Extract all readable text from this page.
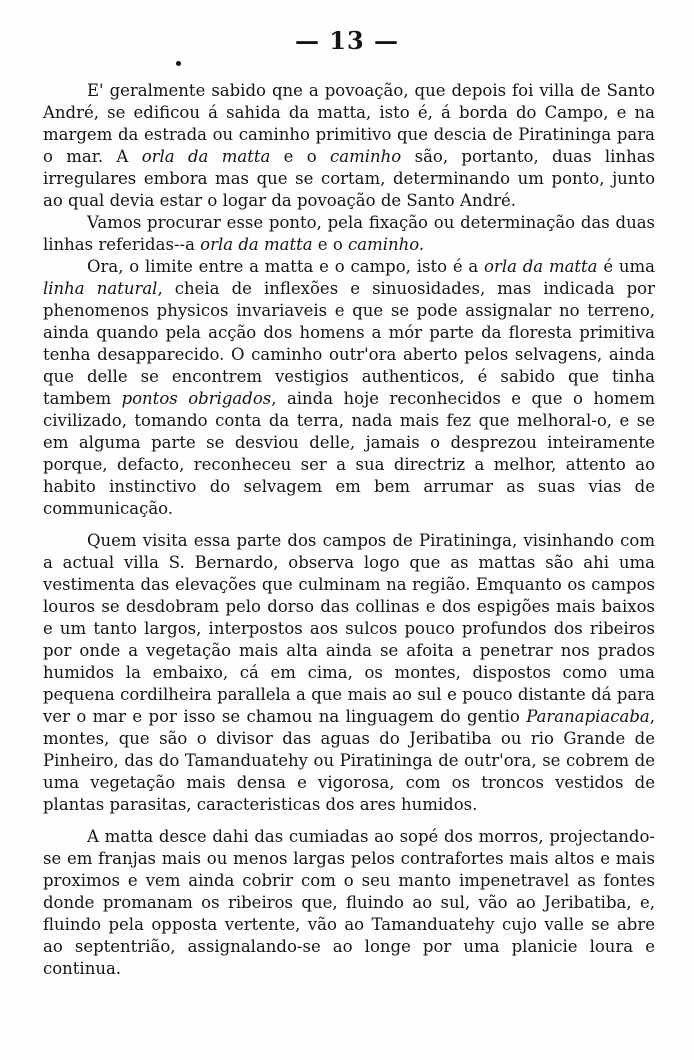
— 13 —

E' geralmente sabido qne a povoação, que depois foi villa de Santo André, se edificou á sahida da matta, isto é, á borda do Campo, e na margem da estrada ou caminho primitivo que descia de Piratininga para o mar. A orla da matta e o caminho são, portanto, duas linhas irregulares embora mas que se cortam, determinando um ponto, junto ao qual devia estar o logar da povoação de Santo André.

Vamos procurar esse ponto, pela fixação ou determinação das duas linhas referidas--a orla da matta e o caminho.

Ora, o limite entre a matta e o campo, isto é a orla da matta é uma linha natural, cheia de inflexões e sinuosidades, mas indicada por phenomenos physicos invariaveis e que se pode assignalar no terreno, ainda quando pela acção dos homens a mór parte da floresta primitiva tenha desapparecido. O caminho outr'ora aberto pelos selvagens, ainda que delle se encontrem vestigios authenticos, é sabido que tinha tambem pontos obrigados, ainda hoje reconhecidos e que o homem civilizado, tomando conta da terra, nada mais fez que melhoral-o, e se em alguma parte se desviou delle, jamais o desprezou inteiramente porque, defacto, reconheceu ser a sua directriz a melhor, attento ao habito instinctivo do selvagem em bem arrumar as suas vias de communicação.

Quem visita essa parte dos campos de Piratininga, visinhando com a actual villa S. Bernardo, observa logo que as mattas são ahi uma vestimenta das elevações que culminam na região. Emquanto os campos louros se desdobram pelo dorso das collinas e dos espigões mais baixos e um tanto largos, interpostos aos sulcos pouco profundos dos ribeiros por onde a vegetação mais alta ainda se afoita a penetrar nos prados humidos la embaixo, cá em cima, os montes, dispostos como uma pequena cordilheira parallela a que mais ao sul e pouco distante dá para ver o mar e por isso se chamou na linguagem do gentio Paranapiacaba, montes, que são o divisor das aguas do Jeribatiba ou rio Grande de Pinheiro, das do Tamanduatehy ou Piratininga de outr'ora, se cobrem de uma vegetação mais densa e vigorosa, com os troncos vestidos de plantas parasitas, caracteristicas dos ares humidos.

A matta desce dahi das cumiadas ao sopé dos morros, projectando-se em franjas mais ou menos largas pelos contrafortes mais altos e mais proximos e vem ainda cobrir com o seu manto impenetravel as fontes donde promanam os ribeiros que, fluindo ao sul, vão ao Jeribatiba, e, fluindo pela opposta vertente, vão ao Tamanduatehy cujo valle se abre ao septentrião, assignalando-se ao longe por uma planicie loura e continua.
